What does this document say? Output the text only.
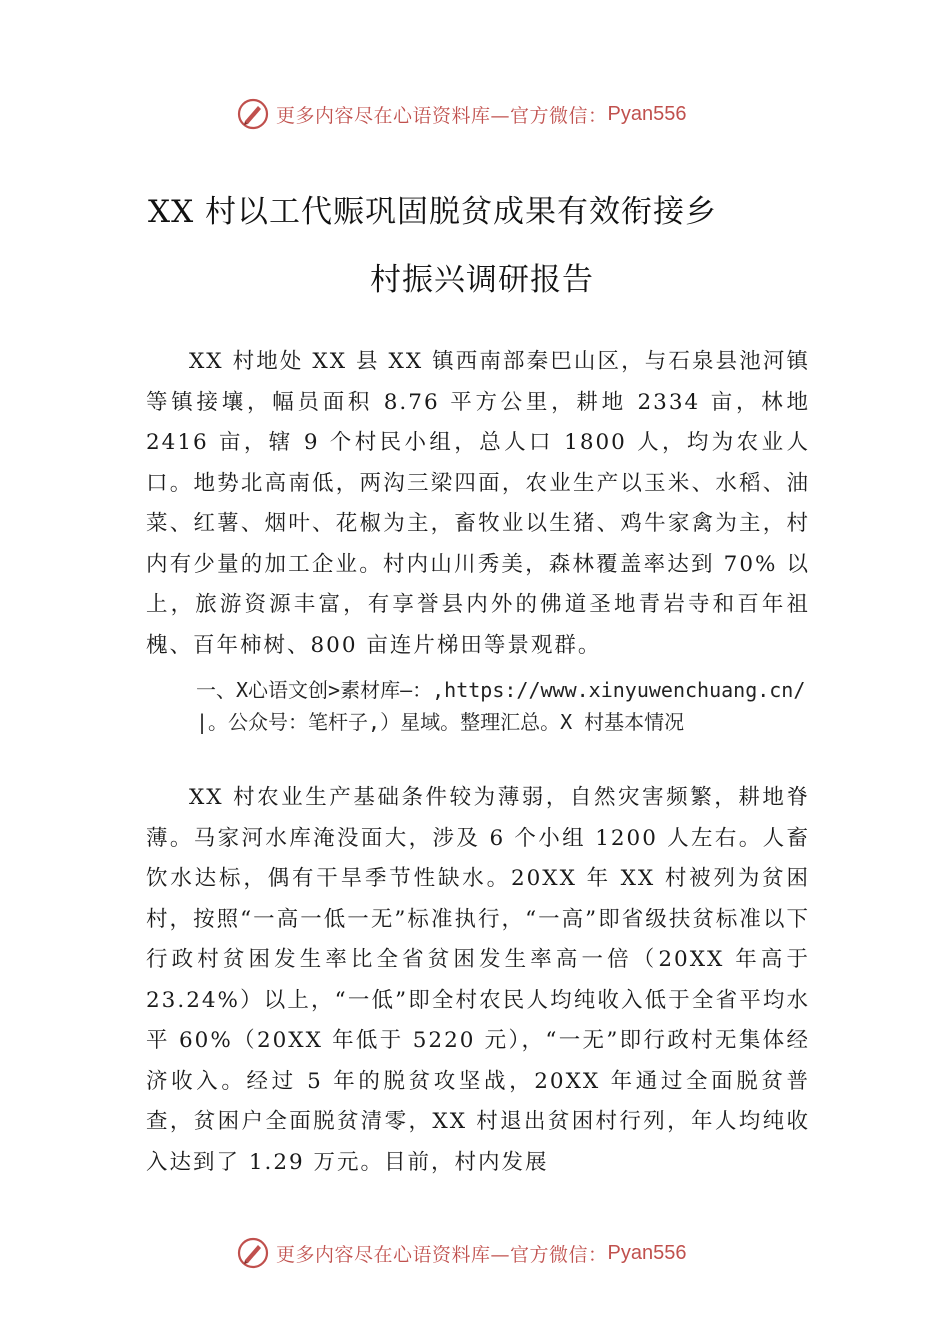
更多内容尽在心语资料库—官方微信： Pyan556
XX 村以工代赈巩固脱贫成果有效衔接乡
村振兴调研报告

XX 村地处 XX 县 XX 镇西南部秦巴山区，与石泉县池河镇等镇接壤，幅员面积 8.76 平方公里，耕地 2334 亩，林地 2416 亩，辖 9 个村民小组，总人口 1800 人，均为农业人口。地势北高南低，两沟三梁四面，农业生产以玉米、水稻、油菜、红薯、烟叶、花椒为主，畜牧业以生猪、鸡牛家禽为主，村内有少量的加工企业。村内山川秀美，森林覆盖率达到 70% 以上，旅游资源丰富，有享誉县内外的佛道圣地青岩寺和百年祖槐、百年柿树、800 亩连片梯田等景观群。

一、X心语文创>素材库—：,https://www.xinyuwenchuang.cn/|。公众号：笔杆子,）星域。整理汇总。X 村基本情况

XX 村农业生产基础条件较为薄弱，自然灾害频繁，耕地脊薄。马家河水库淹没面大，涉及 6 个小组 1200 人左右。人畜饮水达标，偶有干旱季节性缺水。20XX 年 XX 村被列为贫困村，按照“一高一低一无”标准执行，“一高”即省级扶贫标准以下行政村贫困发生率比全省贫困发生率高一倍（20XX 年高于 23.24%）以上，“一低”即全村农民人均纯收入低于全省平均水平 60%（20XX 年低于 5220 元），“一无”即行政村无集体经济收入。经过 5 年的脱贫攻坚战，20XX 年通过全面脱贫普查，贫困户全面脱贫清零，XX 村退出贫困村行列，年人均纯收入达到了 1.29 万元。目前，村内发展

更多内容尽在心语资料库—官方微信： Pyan556
